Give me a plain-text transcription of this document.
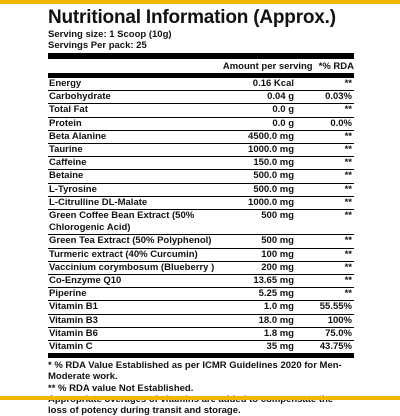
Nutritional Information (Approx.)
Serving size: 1 Scoop (10g)
Servings Per pack: 25
Amount per serving *% RDA
Energy	0.16 Kcal	**
Carbohydrate	0.04 g	0.03%
Total Fat	0.0 g	**
Protein	0.0 g	0.0%
Beta Alanine	4500.0 mg	**
Taurine	1000.0 mg	**
Caffeine	150.0 mg	**
Betaine	500.0 mg	**
L-Tyrosine	500.0 mg	**
L-Citrulline DL-Malate	1000.0 mg	**
Green Coffee Bean Extract (50% Chlorogenic Acid)
500 mg	**
Green Tea Extract (50% Polyphenol)	500 mg	**
Turmeric extract (40% Curcumin)	100 mg	**
Vaccinium corymbosum (Blueberry )	200 mg	**
Co-Enzyme Q10	13.65 mg	**
Piperine	5.25 mg	**
Vitamin B1	1.0 mg	55.55%
Vitamin B3	18.0 mg	100%
Vitamin B6	1.8 mg	75.0%
Vitamin C	35 mg	43.75%
* % RDA Value Established as per ICMR Guidelines 2020 for Men-Moderate work.
** % RDA value Not Established.
loss of potency during transit and storage.
